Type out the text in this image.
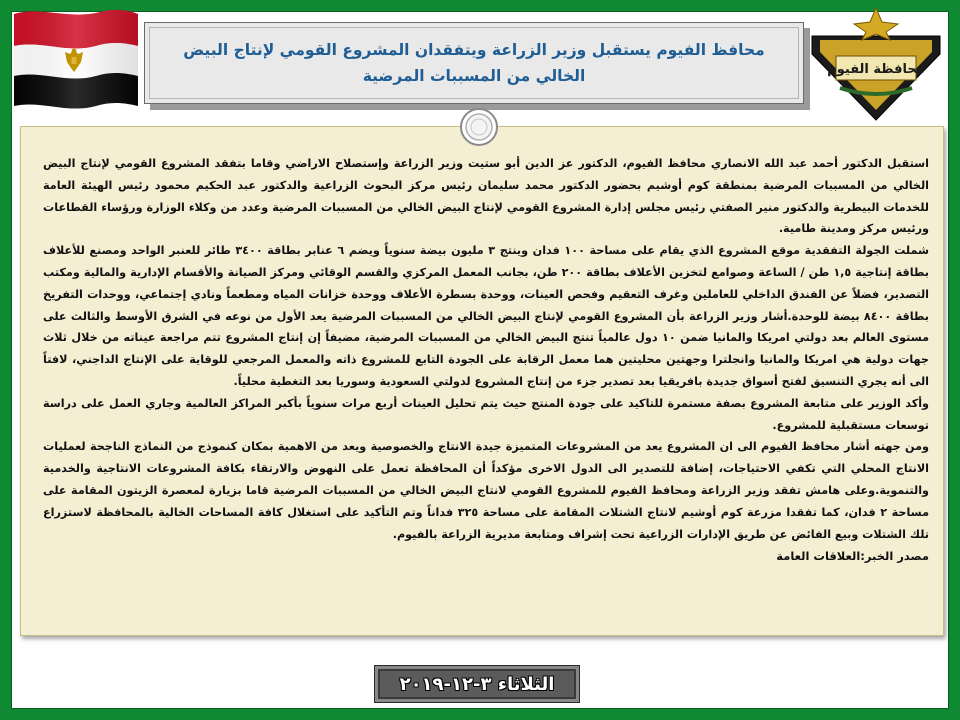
محافظة الفيوم
محافظ الفيوم يستقبل وزير الزراعة ويتفقدان المشروع القومي لإنتاج البيض الخالي من المسببات المرضية

استقبل الدكتور أحمد عبد الله الانصاري محافظ الفيوم، الدكتور عز الدين أبو ستيت وزير الزراعة وإستصلاح الاراضي وقاما بتفقد المشروع القومي لإنتاج البيض الخالي من المسببات المرضية بمنطقة كوم أوشيم بحضور الدكتور محمد سليمان رئيس مركز البحوث الزراعية والدكتور عبد الحكيم محمود رئيس الهيئة العامة للخدمات البيطرية والدكتور منير الصفتي رئيس مجلس إدارة المشروع القومي لإنتاج البيض الخالي من المسببات المرضية وعدد من وكلاء الوزارة ورؤساء القطاعات ورئيس مركز ومدينة طامية.

شملت الجولة التفقدية موقع المشروع الذي يقام على مساحة ١٠٠ فدان وينتج ٣ مليون بيضة سنوياً ويضم ٦ عنابر بطاقة ٣٤٠٠ طائر للعنبر الواحد ومصنع للأعلاف بطاقة إنتاجية ١,٥ طن / الساعة وصوامع لتخزين الأعلاف بطاقة ٢٠٠ طن، بجانب المعمل المركزي والقسم الوقائي ومركز الصيانة والأقسام الإدارية والمالية ومكتب التصدير، فضلاً عن الفندق الداخلي للعاملين وغرف التعقيم وفحص العينات، ووحدة بسطرة الأعلاف ووحدة خزانات المياه ومطعماً ونادي إجتماعي، ووحدات التفريخ بطاقة ٨٤٠٠ بيضة للوحدة.أشار وزير الزراعة بأن المشروع القومي لإنتاج البيض الخالي من المسببات المرضية يعد الأول من نوعه في الشرق الأوسط والثالث على مستوى العالم بعد دولتي امريكا والمانيا ضمن ١٠ دول عالمياً تنتج البيض الخالي من المسببات المرضية، مضيفاً إن إنتاج المشروع تتم مراجعة عيناته من خلال ثلاث جهات دولية هي امريكا والمانيا وانجلترا وجهتين محليتين هما معمل الرقابة على الجودة التابع للمشروع ذاته والمعمل المرجعي للوقاية على الإنتاج الداجني، لافتاً الى أنه يجري التنسيق لفتح أسواق جديدة بافريقيا بعد تصدير جزء من إنتاج المشروع لدولتي السعودية وسوريا بعد التغطية محلياً.

وأكد الوزير على متابعة المشروع بصفة مستمرة للتاكيد على جودة المنتج حيث يتم تحليل العينات أربع مرات سنوياً بأكبر المراكز العالمية وجاري العمل على دراسة توسعات مستقبلية للمشروع.

ومن جهته أشار محافظ الفيوم الى ان المشروع يعد من المشروعات المتميزة جيدة الانتاج والخصوصية ويعد من الاهمية بمكان كنموذج من النماذج الناجحة لعمليات الانتاج المحلي التي تكفي الاحتياجات، إضافة للتصدير الى الدول الاخرى مؤكداً أن المحافظة تعمل على النهوض والارتقاء بكافة المشروعات الانتاجية والخدمية والتنموية.وعلى هامش تفقد وزير الزراعة ومحافظ الفيوم للمشروع القومي لانتاج البيض الخالي من المسببات المرضية قاما بزيارة لمعصرة الزيتون المقامة على مساحة ٢ فدان، كما تفقدا مزرعة كوم أوشيم لانتاج الشتلات المقامة على مساحة ٣٢٥ فداناً وتم التأكيد على استغلال كافة المساحات الخالية بالمحافظة لاستزراع تلك الشتلات وبيع الفائض عن طريق الإدارات الزراعية تحت إشراف ومتابعة مديرية الزراعة بالفيوم.

مصدر الخبر:العلاقات العامة
الثلاثاء ٣-١٢-٢٠١٩
